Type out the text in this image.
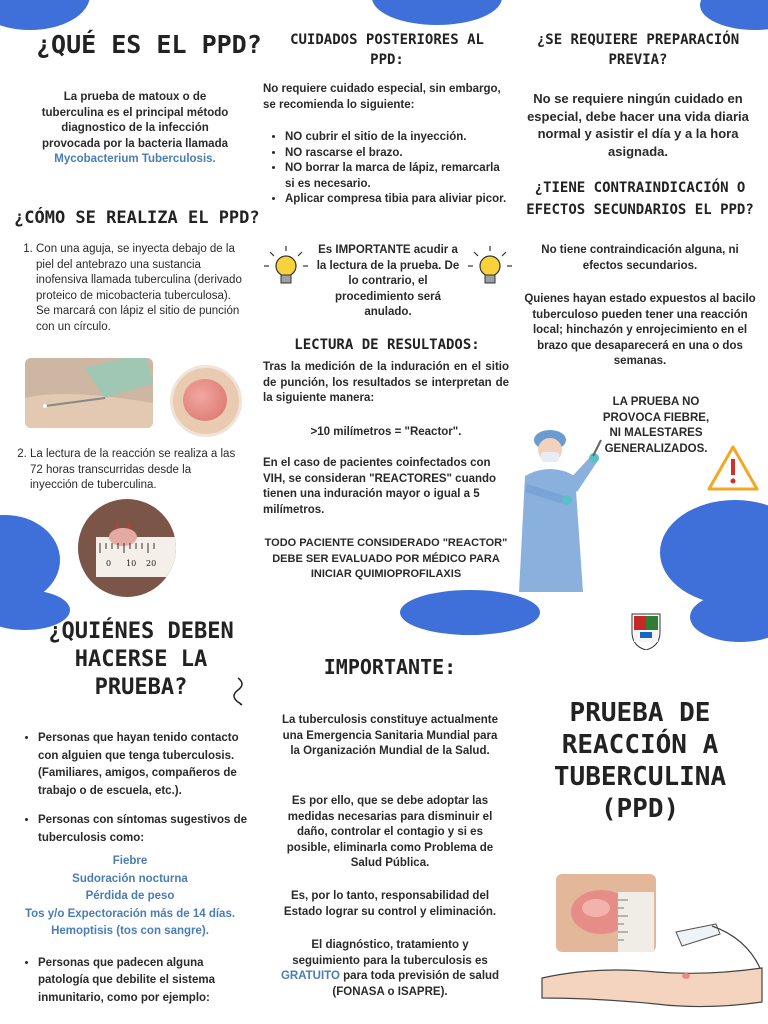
¿QUÉ ES EL PPD?
La prueba de matoux o de tuberculina es el principal método diagnostico de la infección provocada por la bacteria llamada Mycobacterium Tuberculosis.
¿CÓMO SE REALIZA EL PPD?
1. Con una aguja, se inyecta debajo de la piel del antebrazo una sustancia inofensiva llamada tuberculina (derivado proteico de micobacteria tuberculosa). Se marcará con lápiz el sitio de punción con un círculo.
2. La lectura de la reacción se realiza a las 72 horas transcurridas desde la inyección de tuberculina.
0 10 20
CUIDADOS POSTERIORES AL PPD:
No requiere cuidado especial, sin embargo, se recomienda lo siguiente:
• NO cubrir el sitio de la inyección.
• NO rascarse el brazo.
• NO borrar la marca de lápiz, remarcarla si es necesario.
• Aplicar compresa tibia para aliviar picor.
Es IMPORTANTE acudir a la lectura de la prueba. De lo contrario, el procedimiento será anulado.
LECTURA DE RESULTADOS:
Tras la medición de la induración en el sitio de punción, los resultados se interpretan de la siguiente manera:
>10 milímetros = "Reactor".
En el caso de pacientes coinfectados con VIH, se consideran "REACTORES" cuando tienen una induración mayor o igual a 5 milímetros.
TODO PACIENTE CONSIDERADO "REACTOR" DEBE SER EVALUADO POR MÉDICO PARA INICIAR QUIMIOPROFILAXIS
¿SE REQUIERE PREPARACIÓN PREVIA?
No se requiere ningún cuidado en especial, debe hacer una vida diaria normal y asistir el día y a la hora asignada.
¿TIENE CONTRAINDICACIÓN O EFECTOS SECUNDARIOS EL PPD?
No tiene contraindicación alguna, ni efectos secundarios.
Quienes hayan estado expuestos al bacilo tuberculoso pueden tener una reacción local; hinchazón y enrojecimiento en el brazo que desaparecerá en una o dos semanas.
LA PRUEBA NO PROVOCA FIEBRE, NI MALESTARES GENERALIZADOS.
¿QUIÉNES DEBEN HACERSE LA PRUEBA?
• Personas que hayan tenido contacto con alguien que tenga tuberculosis. (Familiares, amigos, compañeros de trabajo o de escuela, etc.).
• Personas con síntomas sugestivos de tuberculosis como:
Fiebre
Sudoración nocturna
Pérdida de peso
Tos y/o Expectoración más de 14 días.
Hemoptisis (tos con sangre).
• Personas que padecen alguna patología que debilite el sistema inmunitario, como por ejemplo:
IMPORTANTE:
La tuberculosis constituye actualmente una Emergencia Sanitaria Mundial para la Organización Mundial de la Salud.
Es por ello, que se debe adoptar las medidas necesarias para disminuir el daño, controlar el contagio y si es posible, eliminarla como Problema de Salud Pública.
Es, por lo tanto, responsabilidad del Estado lograr su control y eliminación.
El diagnóstico, tratamiento y seguimiento para la tuberculosis es GRATUITO para toda previsión de salud (FONASA o ISAPRE).
PRUEBA DE REACCIÓN A TUBERCULINA (PPD)
